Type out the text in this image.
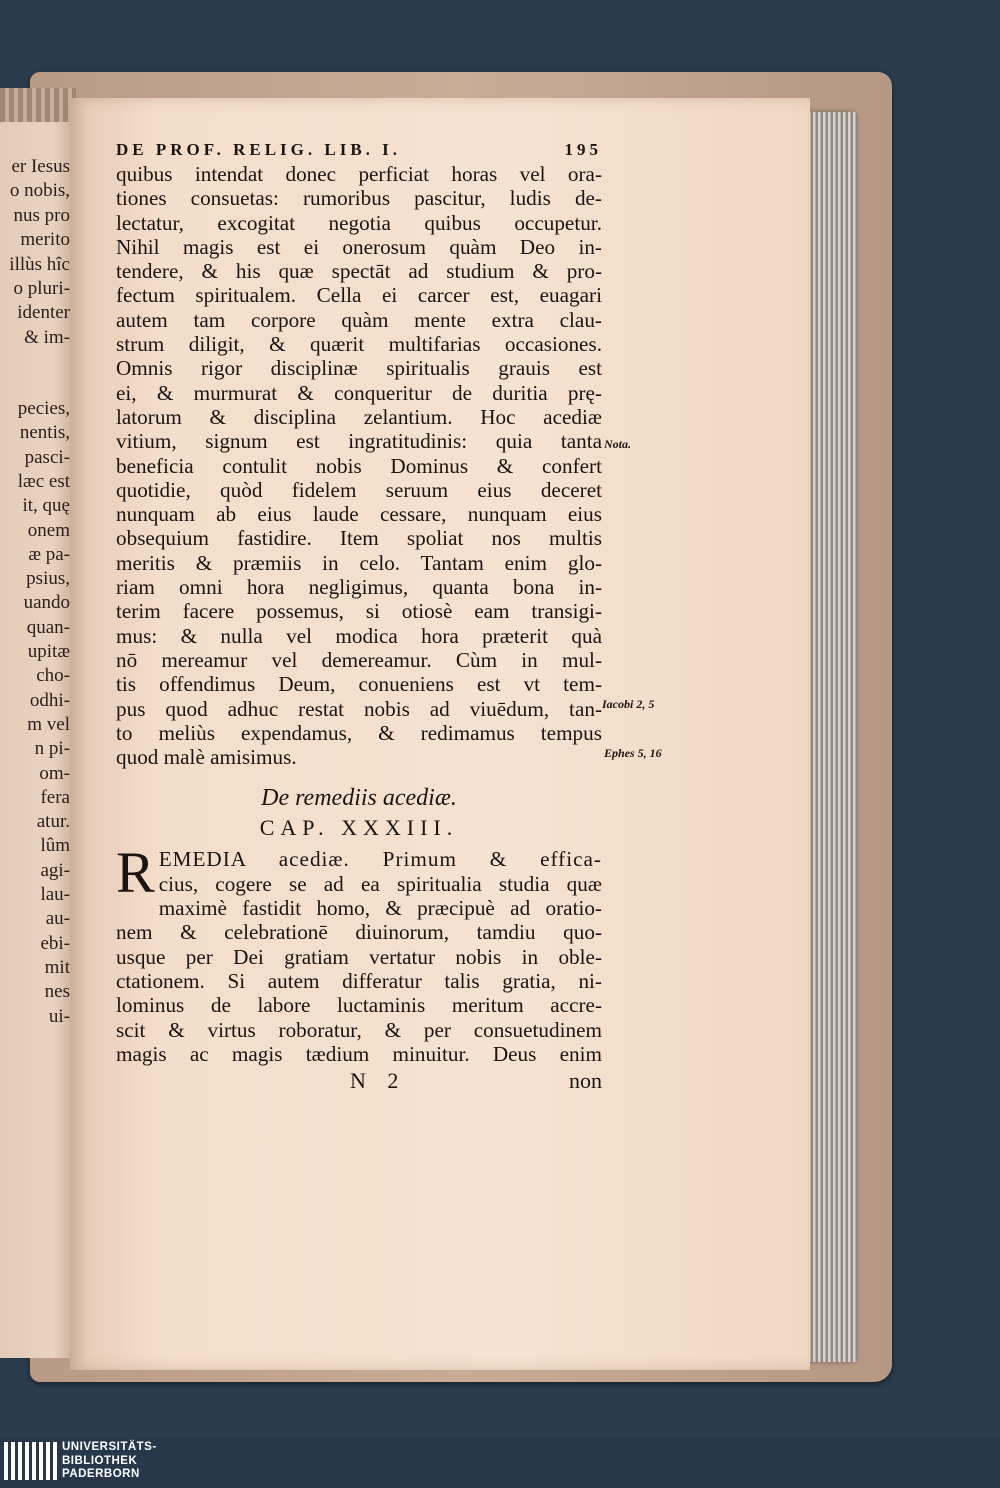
er Iesus
o nobis,
nus pro
merito
illùs hîc
o pluri-
identer
& im-
pecies,
nentis,
pasci-
læc est
it, quę
onem
æ pa-
psius,
uando
quan-
upitæ
cho-
odhi-
m vel
n pi-
om-
fera
atur.
lûm
agi-
lau-
au-
ebi-
mit
nes
ui-
DE PROF. RELIG. LIB. I.	195
quibus intendat donec perficiat horas vel ora-
tiones consuetas: rumoribus pascitur, ludis de-
lectatur, excogitat negotia quibus occupetur.
Nihil magis est ei onerosum quàm Deo in-
tendere, & his quæ spectāt ad studium & pro-
fectum spiritualem. Cella ei carcer est, euagari
autem tam corpore quàm mente extra clau-
strum diligit, & quærit multifarias occasiones.
Omnis rigor disciplinæ spiritualis grauis est
ei, & murmurat & conqueritur de duritia prę-
latorum & disciplina zelantium. Hoc acediæ
vitium, signum est ingratitudinis: quia tanta
beneficia contulit nobis Dominus & confert
quotidie, quòd fidelem seruum eius deceret
nunquam ab eius laude cessare, nunquam eius
obsequium fastidire. Item spoliat nos multis
meritis & præmiis in celo. Tantam enim glo-
riam omni hora negligimus, quanta bona in-
terim facere possemus, si otiosè eam transigi-
mus: & nulla vel modica hora præterit quà
nō mereamur vel demereamur. Cùm in mul-
tis offendimus Deum, conueniens est vt tem-
pus quod adhuc restat nobis ad viuēdum, tan-
to meliùs expendamus, & redimamus tempus
quod malè amisimus.
De remediis acediæ.
CAP. XXXIII.
R EMEDIA acediæ. Primum & effica-
cius, cogere se ad ea spiritualia studia quæ
maximè fastidit homo, & præcipuè ad oratio-
nem & celebrationē diuinorum, tamdiu quo-
usque per Dei gratiam vertatur nobis in oble-
ctationem. Si autem differatur talis gratia, ni-
lominus de labore luctaminis meritum accre-
scit & virtus roboratur, & per consuetudinem
magis ac magis tædium minuitur. Deus enim
N 2	non
Nota.
Iacobi 2, 5
Ephes 5, 16
UNIVERSITÄTS-
BIBLIOTHEK
PADERBORN
